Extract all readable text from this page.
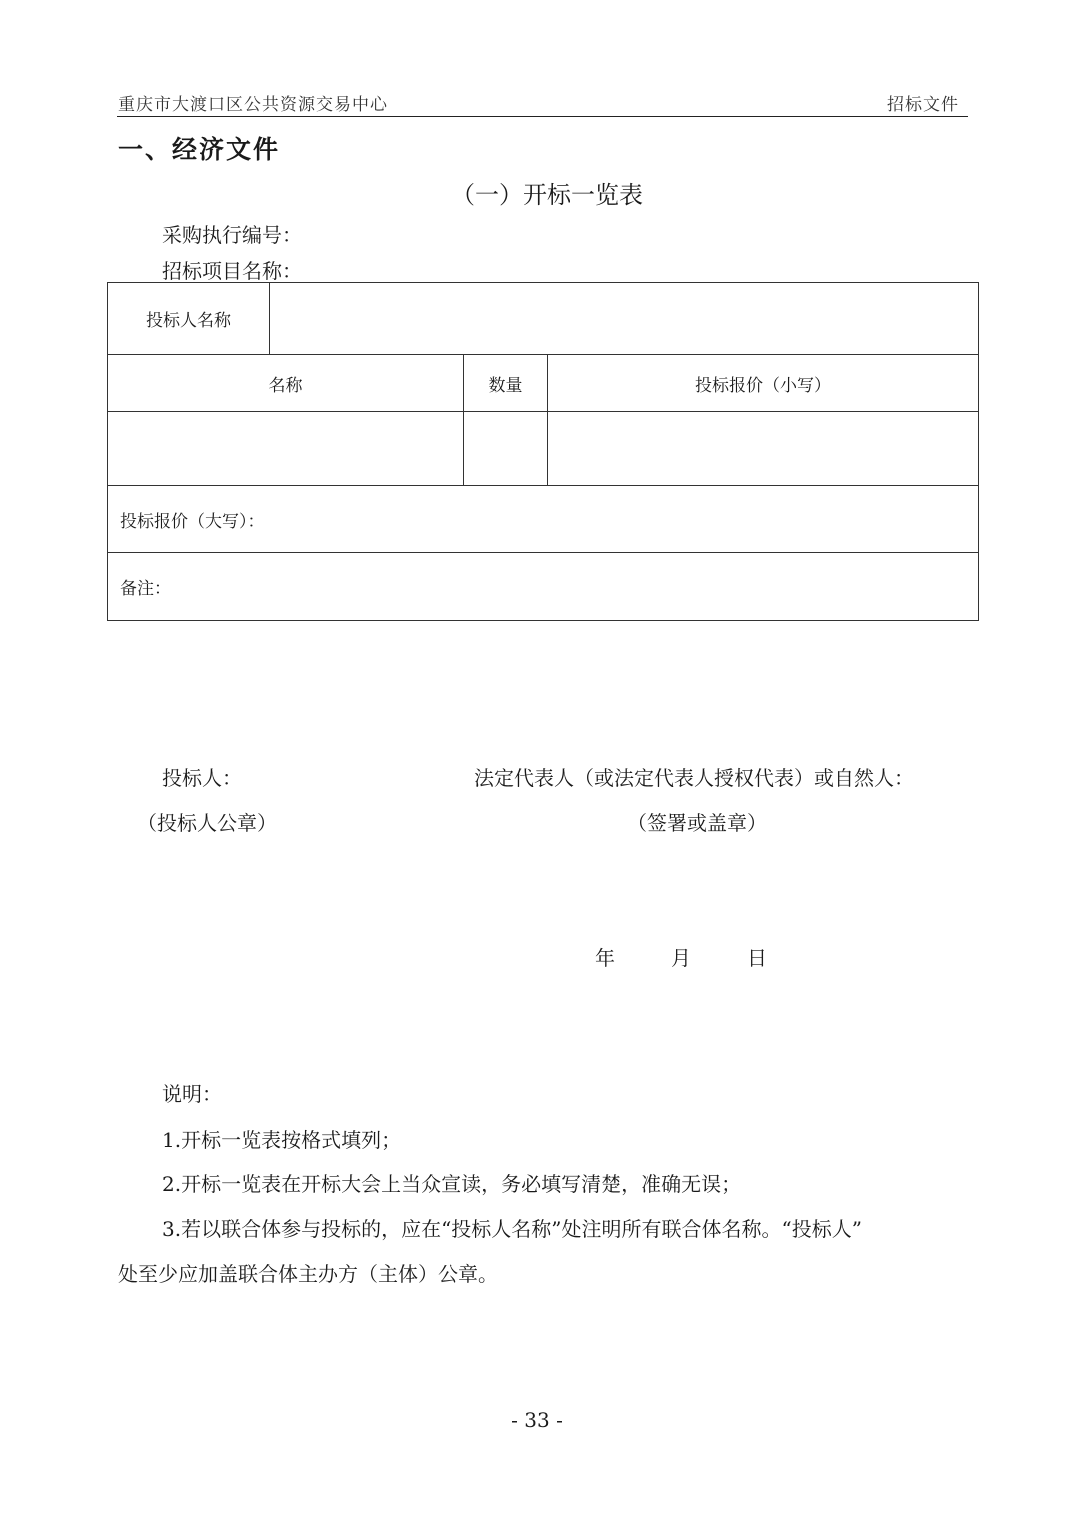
重庆市大渡口区公共资源交易中心	招标文件
一、经济文件
（一）开标一览表
采购执行编号：
招标项目名称：
投标人名称			
名称		数量	投标报价（小写）

投标报价（大写）：			
备注：			
投标人：	法定代表人（或法定代表人授权代表）或自然人：
（投标人公章）	（签署或盖章）
年	月	日
说明：
1.开标一览表按格式填列；
2.开标一览表在开标大会上当众宣读，务必填写清楚，准确无误；
3.若以联合体参与投标的，应在“投标人名称”处注明所有联合体名称。“投标人”
处至少应加盖联合体主办方（主体）公章。
- 33 -
